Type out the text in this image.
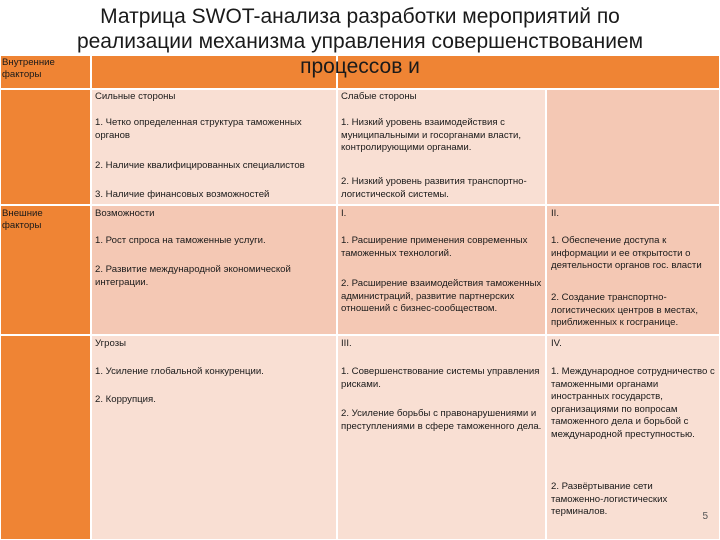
Матрица SWOT-анализа разработки мероприятий по реализации механизма управления совершенствованием процессов и
Внутренние
факторы
Внешние
факторы
Сильные стороны
1. Четко определенная структура таможенных органов
2. Наличие квалифицированных специалистов
3. Наличие финансовых возможностей
Слабые стороны
1. Низкий уровень взаимодействия с муниципальными и госорганами власти, контролирующими органами.
2. Низкий уровень развития транспортно-логистической системы.
Возможности
1. Рост спроса на таможенные услуги.
2. Развитие международной экономической интеграции.
I.
1. Расширение применения современных таможенных технологий.
2. Расширение взаимодействия таможенных администраций, развитие партнерских отношений с бизнес-сообществом.
II.
1. Обеспечение доступа к информации и ее открытости о деятельности органов гос. власти
2. Создание транспортно-логистических центров в местах, приближенных к госгранице.
Угрозы
1. Усиление глобальной конкуренции.
2. Коррупция.
III.
1. Совершенствование системы управления рисками.
2. Усиление борьбы с правонарушениями и преступлениями в сфере таможенного дела.
IV.
1. Международное сотрудничество с таможенными органами иностранных государств, организациями по вопросам таможенного дела и борьбой с международной преступностью.
2. Развёртывание сети таможенно-логистических терминалов.	5
